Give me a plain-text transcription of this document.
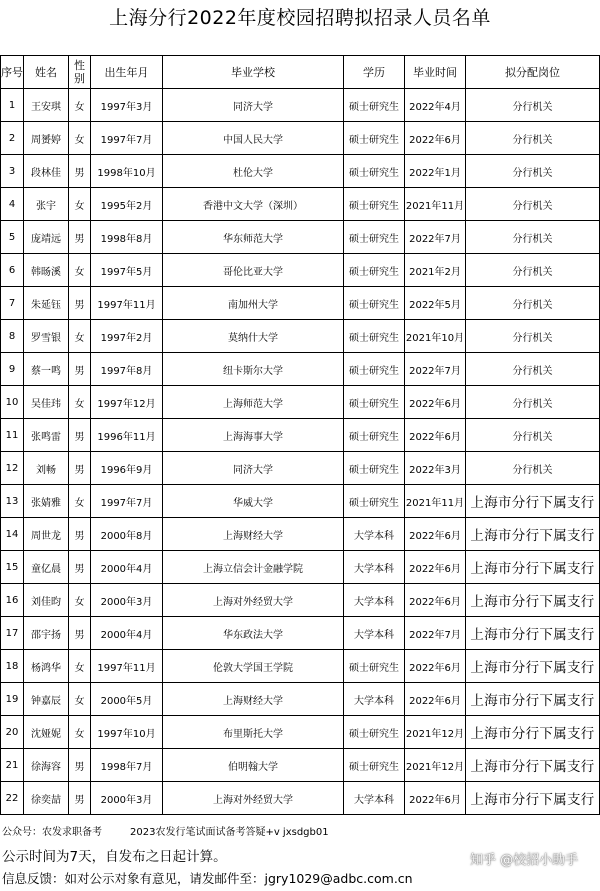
上海分行2022年度校园招聘拟招录人员名单
序号	姓名	性别	出生年月	毕业学校	学历	毕业时间	拟分配岗位
1	王安琪	女	1997年3月	同济大学	硕士研究生	2022年4月	分行机关
2	周赟婷	女	1997年7月	中国人民大学	硕士研究生	2022年6月	分行机关
3	段林佳	男	1998年10月	杜伦大学	硕士研究生	2022年1月	分行机关
4	张宇	女	1995年2月	香港中文大学（深圳）	硕士研究生	2021年11月	分行机关
5	庞靖远	男	1998年8月	华东师范大学	硕士研究生	2022年7月	分行机关
6	韩旸溪	女	1997年5月	哥伦比亚大学	硕士研究生	2021年2月	分行机关
7	朱延钰	男	1997年11月	南加州大学	硕士研究生	2022年5月	分行机关
8	罗雪银	女	1997年2月	莫纳什大学	硕士研究生	2021年10月	分行机关
9	蔡一鸣	男	1997年8月	纽卡斯尔大学	硕士研究生	2022年7月	分行机关
10	吴佳玮	女	1997年12月	上海师范大学	硕士研究生	2022年6月	分行机关
11	张鸣雷	男	1996年11月	上海海事大学	硕士研究生	2022年6月	分行机关
12	刘畅	男	1996年9月	同济大学	硕士研究生	2022年3月	分行机关
13	张婧雅	女	1997年7月	华威大学	硕士研究生	2021年11月	上海市分行下属支行
14	周世龙	男	2000年8月	上海财经大学	大学本科	2022年6月	上海市分行下属支行
15	童亿晨	男	2000年4月	上海立信会计金融学院	大学本科	2022年6月	上海市分行下属支行
16	刘佳昀	女	2000年3月	上海对外经贸大学	大学本科	2022年6月	上海市分行下属支行
17	邵宇扬	男	2000年4月	华东政法大学	大学本科	2022年7月	上海市分行下属支行
18	杨鸿华	女	1997年11月	伦敦大学国王学院	硕士研究生	2022年6月	上海市分行下属支行
19	钟嘉辰	女	2000年5月	上海财经大学	大学本科	2022年6月	上海市分行下属支行
20	沈娅妮	女	1997年10月	布里斯托大学	硕士研究生	2021年12月	上海市分行下属支行
21	徐海容	男	1998年7月	伯明翰大学	硕士研究生	2021年12月	上海市分行下属支行
22	徐奕喆	男	2000年3月	上海对外经贸大学	大学本科	2022年6月	上海市分行下属支行
公众号：农发求职备考	2023农发行笔试面试备考答疑+v jxsdgb01
公示时间为7天，自发布之日起计算。
信息反馈：如对公示对象有意见，请发邮件至：jgry1029@adbc.com.cn
知乎 @校招小助手
